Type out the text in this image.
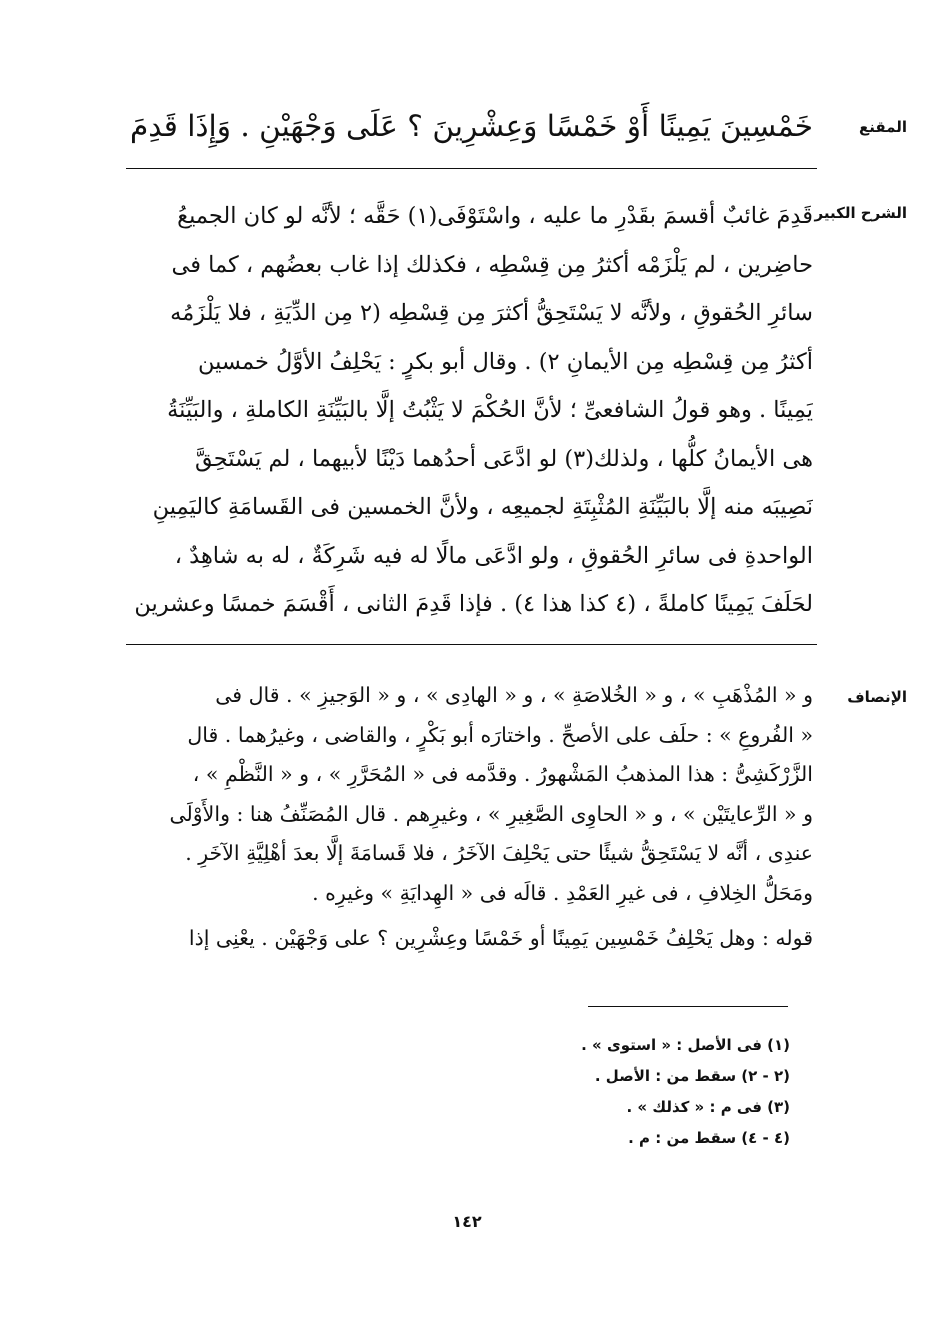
المقنع
خَمْسِينَ يَمِينًا أَوْ خَمْسًا وَعِشْرِينَ ؟ عَلَى وَجْهَيْنِ . وَإِذَا قَدِمَ
الشرح الكبير
قَدِمَ غائبٌ أقسمَ بقَدْرِ ما عليه ، واسْتَوْفَى(١) حَقَّه ؛ لأنَّه لو كان الجميعُ
حاضِرين ، لم يَلْزَمْه أكثرُ مِن قِسْطِه ، فكذلك إذا غاب بعضُهم ، كما فى
سائرِ الحُقوقِ ، ولأنَّه لا يَسْتَحِقُّ أكثرَ مِن قِسْطِه (٢ مِن الدِّيَةِ ، فلا يَلْزَمُه
أكثرُ مِن قِسْطِه مِن الأيمانِ ٢) . وقال أبو بكرٍ : يَحْلِفُ الأوَّلُ خمسين
يَمِينًا . وهو قولُ الشافعىِّ ؛ لأنَّ الحُكْمَ لا يَثْبُتُ إلَّا بالبَيِّنَةِ الكاملةِ ، والبَيِّنَةُ
هى الأيمانُ كلُّها ، ولذلك(٣) لو ادَّعَى أحدُهما دَيْنًا لأبيهما ، لم يَسْتَحِقَّ
نَصِيبَه منه إلَّا بالبَيِّنَةِ المُثْبِتَةِ لجميعِه ، ولأنَّ الخمسين فى القَسامَةِ كاليَمِينِ
الواحدةِ فى سائرِ الحُقوقِ ، ولو ادَّعَى مالًا له فيه شَرِكَةٌ ، له به شاهِدٌ ،
لحَلَفَ يَمِينًا كاملةً ، (٤ كذا هذا ٤) . فإذا قَدِمَ الثانى ، أَقْسَمَ خمسًا وعشرين
الإنصاف
و « المُذْهَبِ » ، و « الخُلاصَةِ » ، و « الهادِى » ، و « الوَجيزِ » . قال فى
« الفُروعِ » : حلَف على الأصحِّ . واختارَه أبو بَكْرٍ ، والقاضى ، وغيرُهما . قال
الزَّرْكَشِىُّ : هذا المذهبُ المَشْهورُ . وقدَّمه فى « المُحَرَّرِ » ، و « النَّظْمِ » ،
و « الرِّعايتَيْن » ، و « الحاوِى الصَّغِيرِ » ، وغيرِهم . قال المُصَنِّفُ هنا : والأَوْلَى
عندِى ، أنَّه لا يَسْتَحِقُّ شيئًا حتى يَحْلِفَ الآخَرُ ، فلا قَسامَةَ إلَّا بعدَ أهْلِيَّةِ الآخَرِ .
ومَحَلُّ الخِلافِ ، فى غيرِ العَمْدِ . قالَه فى « الهِدايَةِ » وغيرِه .
قوله : وهل يَحْلِفُ خَمْسِين يَمِينًا أو خَمْسًا وعِشْرِين ؟ على وَجْهَيْن . يعْنِى إذا
(١) فى الأصل : « استوى » .
(٢ - ٢) سقط من : الأصل .
(٣) فى م : « كذلك » .
(٤ - ٤) سقط من : م .
١٤٢
